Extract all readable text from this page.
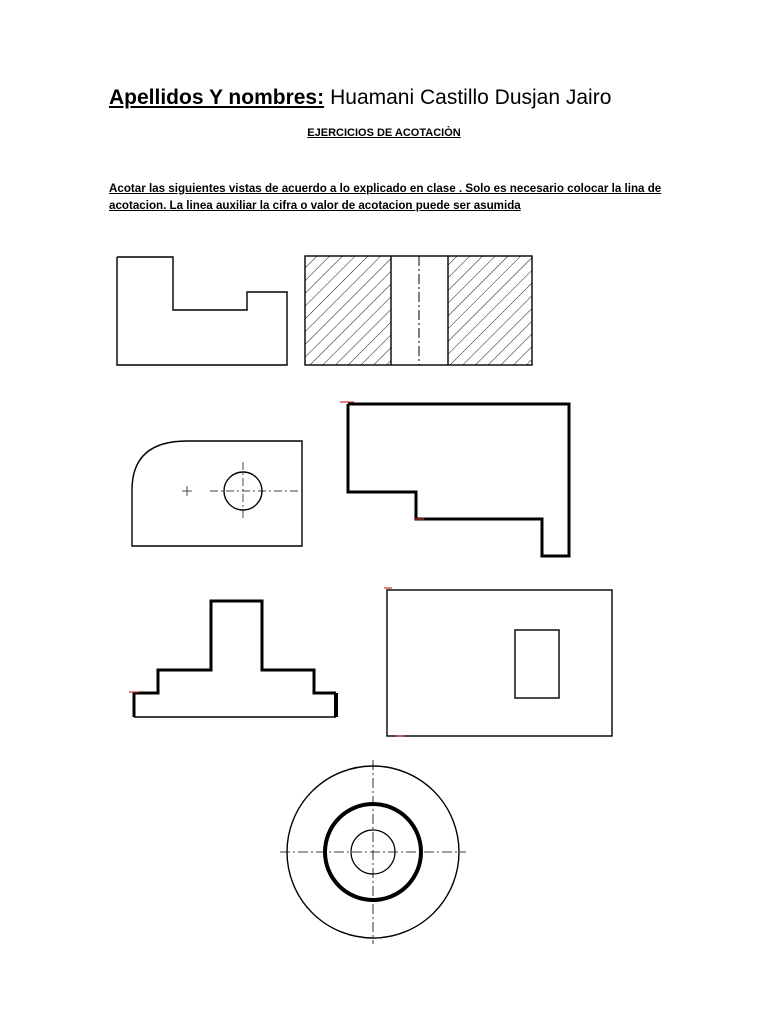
Apellidos Y nombres: Huamani Castillo Dusjan Jairo
EJERCICIOS DE ACOTACIÒN
Acotar las siguientes vistas de acuerdo a lo explicado en clase . Solo es necesario colocar la lina de acotacion. La linea auxiliar la cifra o valor de acotacion puede ser asumida
